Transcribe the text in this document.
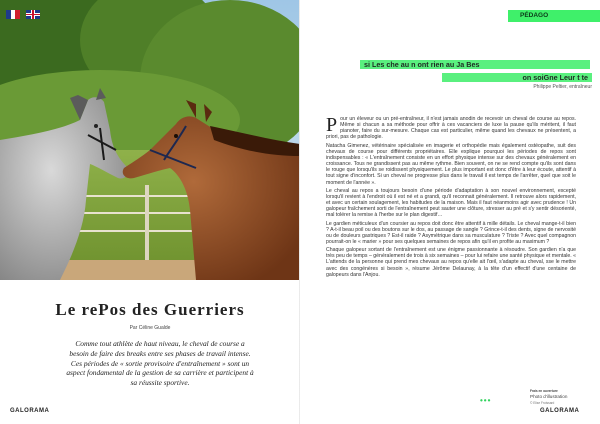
Le rePos des Guerriers
Par Céline Gualde

Comme tout athlète de haut niveau, le cheval de course a besoin de faire des breaks entre ses phases de travail intense. Ces périodes de « sortie provisoire d'entraînement » sont un aspect fondamental de la gestion de sa carrière et participent à sa réussite sportive.

GALORAMA
PÉDAGO
si Les che au n ont rien au Ja Bes
on soiGne Leur t te
Philippe Peltier, entraîneur

Pour un éleveur ou un pré-entraîneur, il n'est jamais anodin de recevoir un cheval de course au repos. Même si chacun a sa méthode pour offrir à ces vacanciers de luxe la pause qu'ils méritent, il faut pianoter, faire du sur-mesure. Chaque cas est particulier, même quand les chevaux ne présentent, a priori, pas de pathologie.

Natacha Gimenez, vétérinaire spécialisée en imagerie et orthopédie mais également ostéopathe, suit des chevaux de course pour différents propriétaires. Elle explique pourquoi les périodes de repos sont indispensables : « L'entraînement consiste en un effort physique intense sur des chevaux généralement en croissance. Tous ne grandissent pas au même rythme. Bien souvent, on ne se rend compte qu'ils sont dans le rouge que lorsqu'ils se roidissent physiquement. Le plus important est donc d'être à leur écoute, attentif à tout signe d'inconfort. Si un cheval ne progresse plus dans le travail il est temps de l'arrêter, quel que soit le moment de l'année ».

Le cheval au repos a toujours besoin d'une période d'adaptation à son nouvel environnement, excepté lorsqu'il revient à l'endroit où il est né et a grandi, qu'il reconnait généralement. Il retrouve alors rapidement, et avec un certain soulagement, les habitudes de la maison. Mais il faut néanmoins agir avec prudence ! Un galopeur fraîchement sorti de l'entraînement peut sauter une clôture, stresser au pré et s'y sentir désorienté, mal tolérer la remise à l'herbe sur le plan digestif…

Le gardien méticuleux d'un coursier au repos doit donc être attentif à mille détails. Le cheval mange-t-il bien ? A-t-il beau poil ou des boutons sur le dos, au passage de sangle ? Grince-t-il des dents, signe de nervosité ou de douleurs gastriques ? Est-il raide ? Asymétrique dans sa musculature ? Triste ? Avec quel compagnon pourrait-on le « marier » pour ses quelques semaines de repos afin qu'il en profite au maximum ?

Chaque galopeur sortant de l'entraînement est une énigme passionnante à résoudre. Son gardien n'a que très peu de temps – généralement de trois à six semaines – pour lui refaire une santé physique et mentale. « L'attends de la personne qui prend mes chevaux au repos qu'elle ait l'œil, s'adapte au cheval, sse le mettre avec des congénères si besoin », résume Jérôme Delaunay, à la tête d'un effectif d'une centaine de galopeurs dans l'Anjou.

•••
Frais en ouverture
Photo d'illustration
© Elise Froissard
GALORAMA
